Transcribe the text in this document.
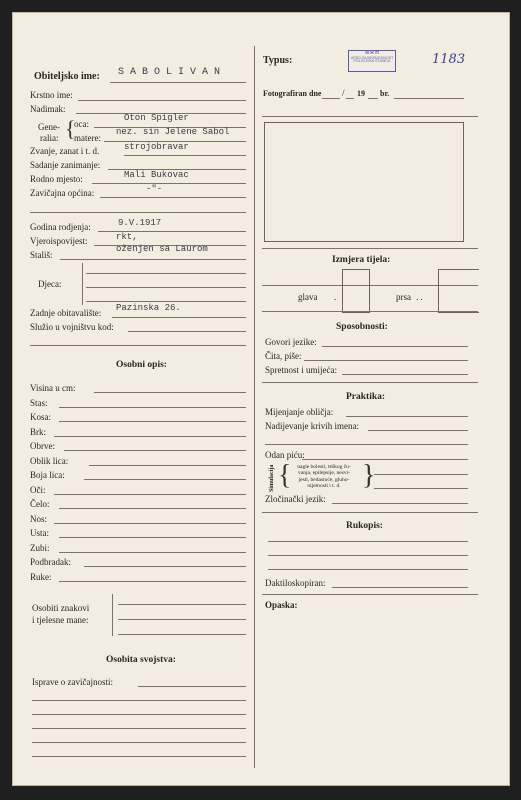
Obiteljsko ime: S A B O L I V A N
Krstno ime:
Nadimak:
Gene-
ralia: {
oca:
Oton Spigler
matere:
nez. sin Jelene Sabol
Zvanje, zanat i t. d.	strojobravar
Sadanje zanimanje:
Rodno mjesto:	Mali Bukovac
Zavičajna općina:	-"-
Godina rodjenja:	9.V.1917
Vjeroispovijest:	rkt,
Stališ:
oženjen sa Laurom
Djeca:
Zadnje obitavalište: Pazinska 26.
Služio u vojništvu kod:
Osobni opis:
Visina u cm:
Stas:
Kosa:
Brk:
Obrve:
Oblik lica:
Boja lica:
Oči:
Čelo:
Nos:
Usta:
Zubi:
Podbradak:
Ruke:
Osobiti znakovi
i tjelesne mane:
Osobita svojstva:
Isprave o zavičajnosti:
Typus:
N R H
URED ZA BEZBJEDNOST
POLICIJSKA STANICA	1183
Fotografiran dne / 19 br.
Izmjera tijela:
glava .	prsa . .
Sposobnosti:
Govori jezike:
Čita, piše:
Spretnost i umijeća:
Praktika:
Mijenjanje obličja:
Nadijevanje krivih imena:
Odan piću:
Simulacija {	nagle bolesti, teškog ču-
vanja, epilepsije, nesvi-
jesti, bedastoće, gluho-
nijemosti i t. d. }
Zločinački jezik:
Rukopis:
Daktiloskopiran:
Opaska:
